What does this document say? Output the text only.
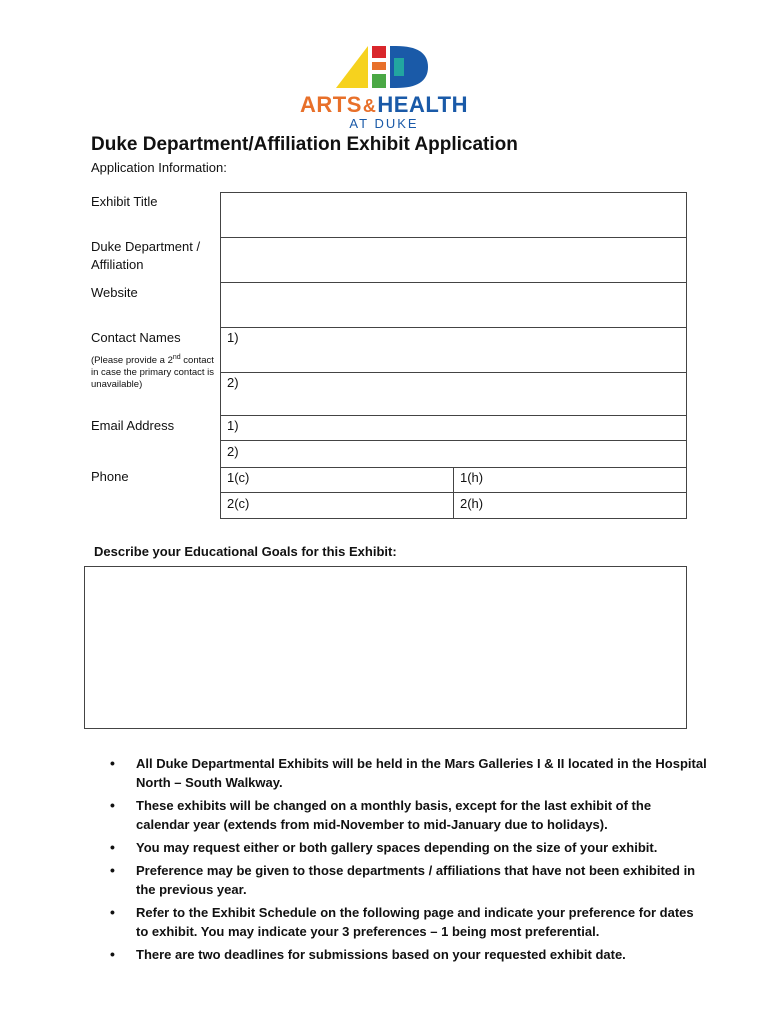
ARTS&HEALTH
AT DUKE
Duke Department/Affiliation Exhibit Application
Application Information:
Exhibit Title
Duke Department / Affiliation
Website
Contact Names
(Please provide a 2nd contact in case the primary contact is unavailable)
Email Address
Phone
1)
2)
1)
2)
1(c)	1(h)
2(c)	2(h)
Describe your Educational Goals for this Exhibit:
• All Duke Departmental Exhibits will be held in the Mars Galleries I & II located in the Hospital North – South Walkway.
• These exhibits will be changed on a monthly basis, except for the last exhibit of the calendar year (extends from mid-November to mid-January due to holidays).
• You may request either or both gallery spaces depending on the size of your exhibit.
• Preference may be given to those departments / affiliations that have not been exhibited in the previous year.
• Refer to the Exhibit Schedule on the following page and indicate your preference for dates to exhibit. You may indicate your 3 preferences – 1 being most preferential.
• There are two deadlines for submissions based on your requested exhibit date.
